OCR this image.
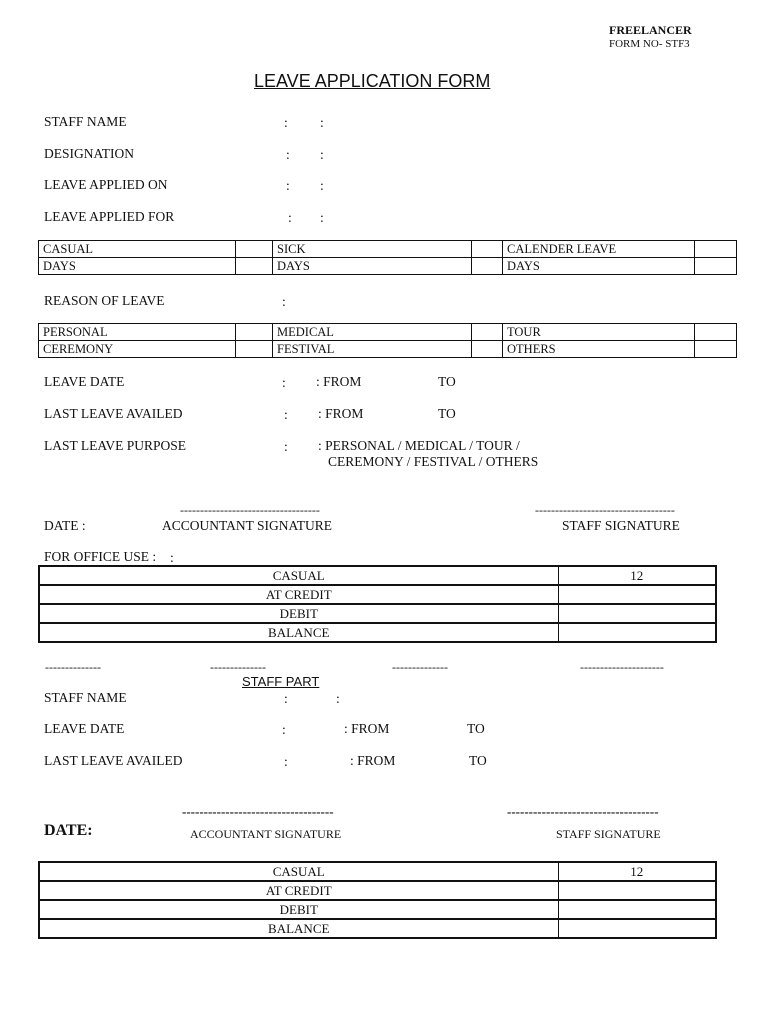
FREELANCER
FORM NO- STF3
LEAVE APPLICATION FORM
STAFF NAME	: :
DESIGNATION	: :
LEAVE APPLIED ON	: :
LEAVE APPLIED FOR	: :
CASUAL		SICK		CALENDER LEAVE	
DAYS		DAYS		DAYS	
REASON OF LEAVE	:
PERSONAL		MEDICAL		TOUR	
CEREMONY		FESTIVAL		OTHERS	
LEAVE DATE	: : FROM	TO
LAST LEAVE AVAILED	: : FROM	TO
LAST LEAVE PURPOSE	: : PERSONAL / MEDICAL / TOUR /
CEREMONY / FESTIVAL / OTHERS
-----------------------------------	-----------------------------------
DATE :	ACCOUNTANT SIGNATURE	STAFF SIGNATURE
FOR OFFICE USE : :
CASUAL	12
AT CREDIT	
DEBIT	
BALANCE	
--------------	--------------	--------------	---------------------
STAFF PART
STAFF NAME	:	:
LEAVE DATE	:	: FROM	TO
LAST LEAVE AVAILED	:	: FROM	TO
-----------------------------------	-----------------------------------
DATE:	ACCOUNTANT SIGNATURE	STAFF SIGNATURE
CASUAL	12
AT CREDIT	
DEBIT	
BALANCE	
